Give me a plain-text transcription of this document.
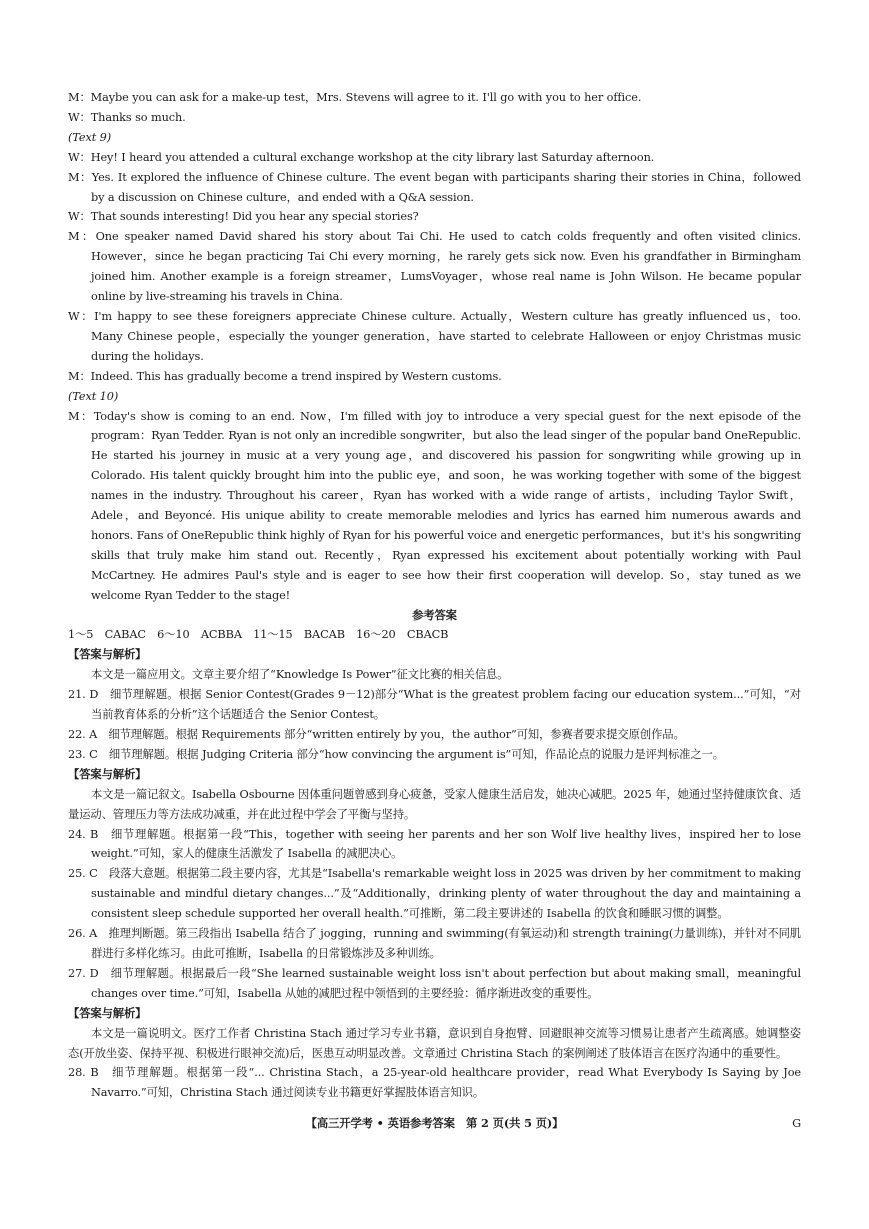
M：Maybe you can ask for a make-up test，Mrs. Stevens will agree to it. I'll go with you to her office.

W：Thanks so much.

(Text 9)

W：Hey! I heard you attended a cultural exchange workshop at the city library last Saturday afternoon.

M：Yes. It explored the influence of Chinese culture. The event began with participants sharing their stories in China，followed by a discussion on Chinese culture，and ended with a Q&A session.

W：That sounds interesting! Did you hear any special stories?

M：One speaker named David shared his story about Tai Chi. He used to catch colds frequently and often visited clinics. However，since he began practicing Tai Chi every morning，he rarely gets sick now. Even his grandfather in Birmingham joined him. Another example is a foreign streamer，LumsVoyager，whose real name is John Wilson. He became popular online by live-streaming his travels in China.

W：I'm happy to see these foreigners appreciate Chinese culture. Actually，Western culture has greatly influenced us，too. Many Chinese people，especially the younger generation，have started to celebrate Halloween or enjoy Christmas music during the holidays.

M：Indeed. This has gradually become a trend inspired by Western customs.

(Text 10)

M：Today's show is coming to an end. Now，I'm filled with joy to introduce a very special guest for the next episode of the program：Ryan Tedder. Ryan is not only an incredible songwriter，but also the lead singer of the popular band OneRepublic. He started his journey in music at a very young age，and discovered his passion for songwriting while growing up in Colorado. His talent quickly brought him into the public eye，and soon，he was working together with some of the biggest names in the industry. Throughout his career，Ryan has worked with a wide range of artists，including Taylor Swift，Adele，and Beyoncé. His unique ability to create memorable melodies and lyrics has earned him numerous awards and honors. Fans of OneRepublic think highly of Ryan for his powerful voice and energetic performances，but it's his songwriting skills that truly make him stand out. Recently，Ryan expressed his excitement about potentially working with Paul McCartney. He admires Paul's style and is eager to see how their first cooperation will develop. So，stay tuned as we welcome Ryan Tedder to the stage!

参考答案

1～5　CABAC　6～10　ACBBA　11～15　BACAB　16～20　CBACB

【答案与解析】

本文是一篇应用文。文章主要介绍了“Knowledge Is Power”征文比赛的相关信息。

21. D　细节理解题。根据 Senior Contest(Grades 9－12)部分“What is the greatest problem facing our education system...”可知，“对当前教育体系的分析”这个话题适合 the Senior Contest。

22. A　细节理解题。根据 Requirements 部分“written entirely by you，the author”可知，参赛者要求提交原创作品。

23. C　细节理解题。根据 Judging Criteria 部分“how convincing the argument is”可知，作品论点的说服力是评判标准之一。

【答案与解析】

本文是一篇记叙文。Isabella Osbourne 因体重问题曾感到身心疲惫，受家人健康生活启发，她决心减肥。2025 年，她通过坚持健康饮食、适量运动、管理压力等方法成功减重，并在此过程中学会了平衡与坚持。

24. B　细节理解题。根据第一段“This，together with seeing her parents and her son Wolf live healthy lives，inspired her to lose weight.”可知，家人的健康生活激发了 Isabella 的减肥决心。

25. C　段落大意题。根据第二段主要内容，尤其是“Isabella's remarkable weight loss in 2025 was driven by her commitment to making sustainable and mindful dietary changes...”及“Additionally，drinking plenty of water throughout the day and maintaining a consistent sleep schedule supported her overall health.”可推断，第二段主要讲述的 Isabella 的饮食和睡眠习惯的调整。

26. A　推理判断题。第三段指出 Isabella 结合了 jogging，running and swimming(有氧运动)和 strength training(力量训练)，并针对不同肌群进行多样化练习。由此可推断，Isabella 的日常锻炼涉及多种训练。

27. D　细节理解题。根据最后一段“She learned sustainable weight loss isn't about perfection but about making small，meaningful changes over time.”可知，Isabella 从她的减肥过程中领悟到的主要经验：循序渐进改变的重要性。

【答案与解析】

本文是一篇说明文。医疗工作者 Christina Stach 通过学习专业书籍，意识到自身抱臂、回避眼神交流等习惯易让患者产生疏离感。她调整姿态(开放坐姿、保持平视、积极进行眼神交流)后，医患互动明显改善。文章通过 Christina Stach 的案例阐述了肢体语言在医疗沟通中的重要性。

28. B　细节理解题。根据第一段“... Christina Stach，a 25-year-old healthcare provider，read What Everybody Is Saying by Joe Navarro.”可知，Christina Stach 通过阅读专业书籍更好掌握肢体语言知识。

【高三开学考 • 英语参考答案　第 2 页(共 5 页)】	G
